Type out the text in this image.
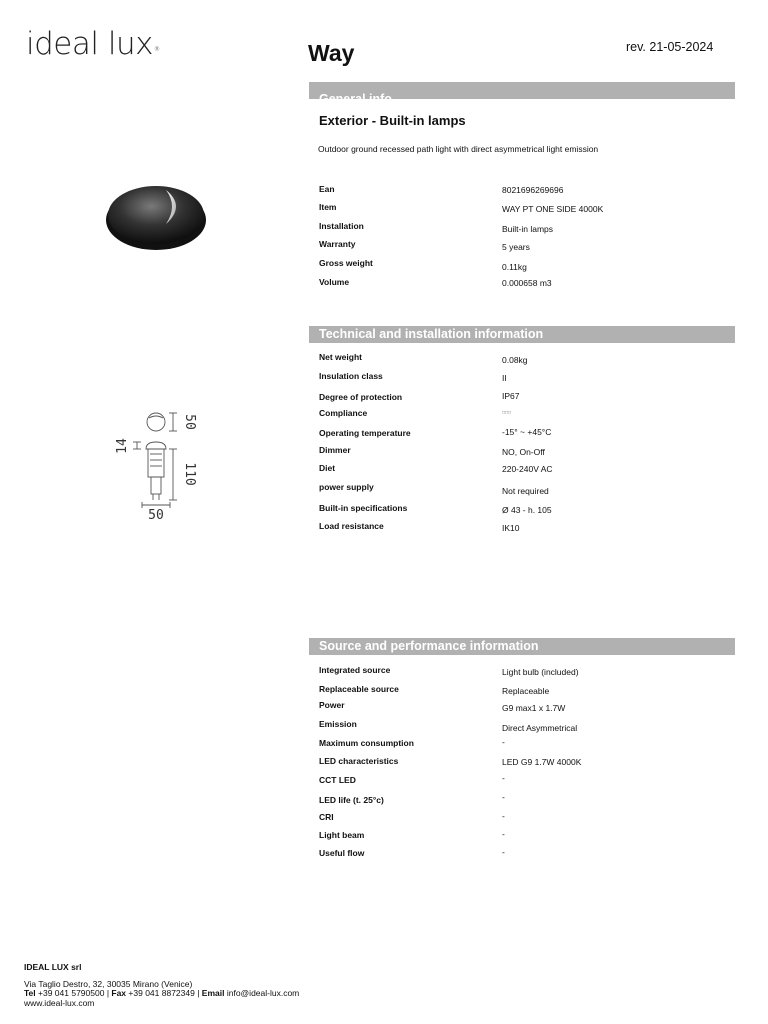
ideal lux®	Way	rev. 21-05-2024
General info
Exterior - Built-in lamps
Outdoor ground recessed path light with direct asymmetrical light emission
Ean	8021696269696
Item	WAY PT ONE SIDE 4000K
Installation	Built-in lamps
Warranty	5 years
Gross weight	0.11kg
Volume	0.000658 m3
Technical and installation information
Net weight	0.08kg
Insulation class	II
Degree of protection	IP67
Compliance	□□□
Operating temperature	-15° ~ +45°C
Dimmer	NO, On-Off
Diet	220-240V AC
power supply	Not required
Built-in specifications	Ø 43 - h. 105
Load resistance	IK10
Source and performance information
Integrated source	Light bulb (included)
Replaceable source	Replaceable
Power	G9 max1 x 1.7W
Emission	Direct Asymmetrical
Maximum consumption	-
LED characteristics	LED G9 1.7W 4000K
CCT LED	-
LED life (t. 25°c)	-
CRI	-
Light beam	-
Useful flow	-
50
14
110
50
IDEAL LUX srl
Via Taglio Destro, 32, 30035 Mirano (Venice)
Tel +39 041 5790500 | Fax +39 041 8872349 | Email info@ideal-lux.com
www.ideal-lux.com
